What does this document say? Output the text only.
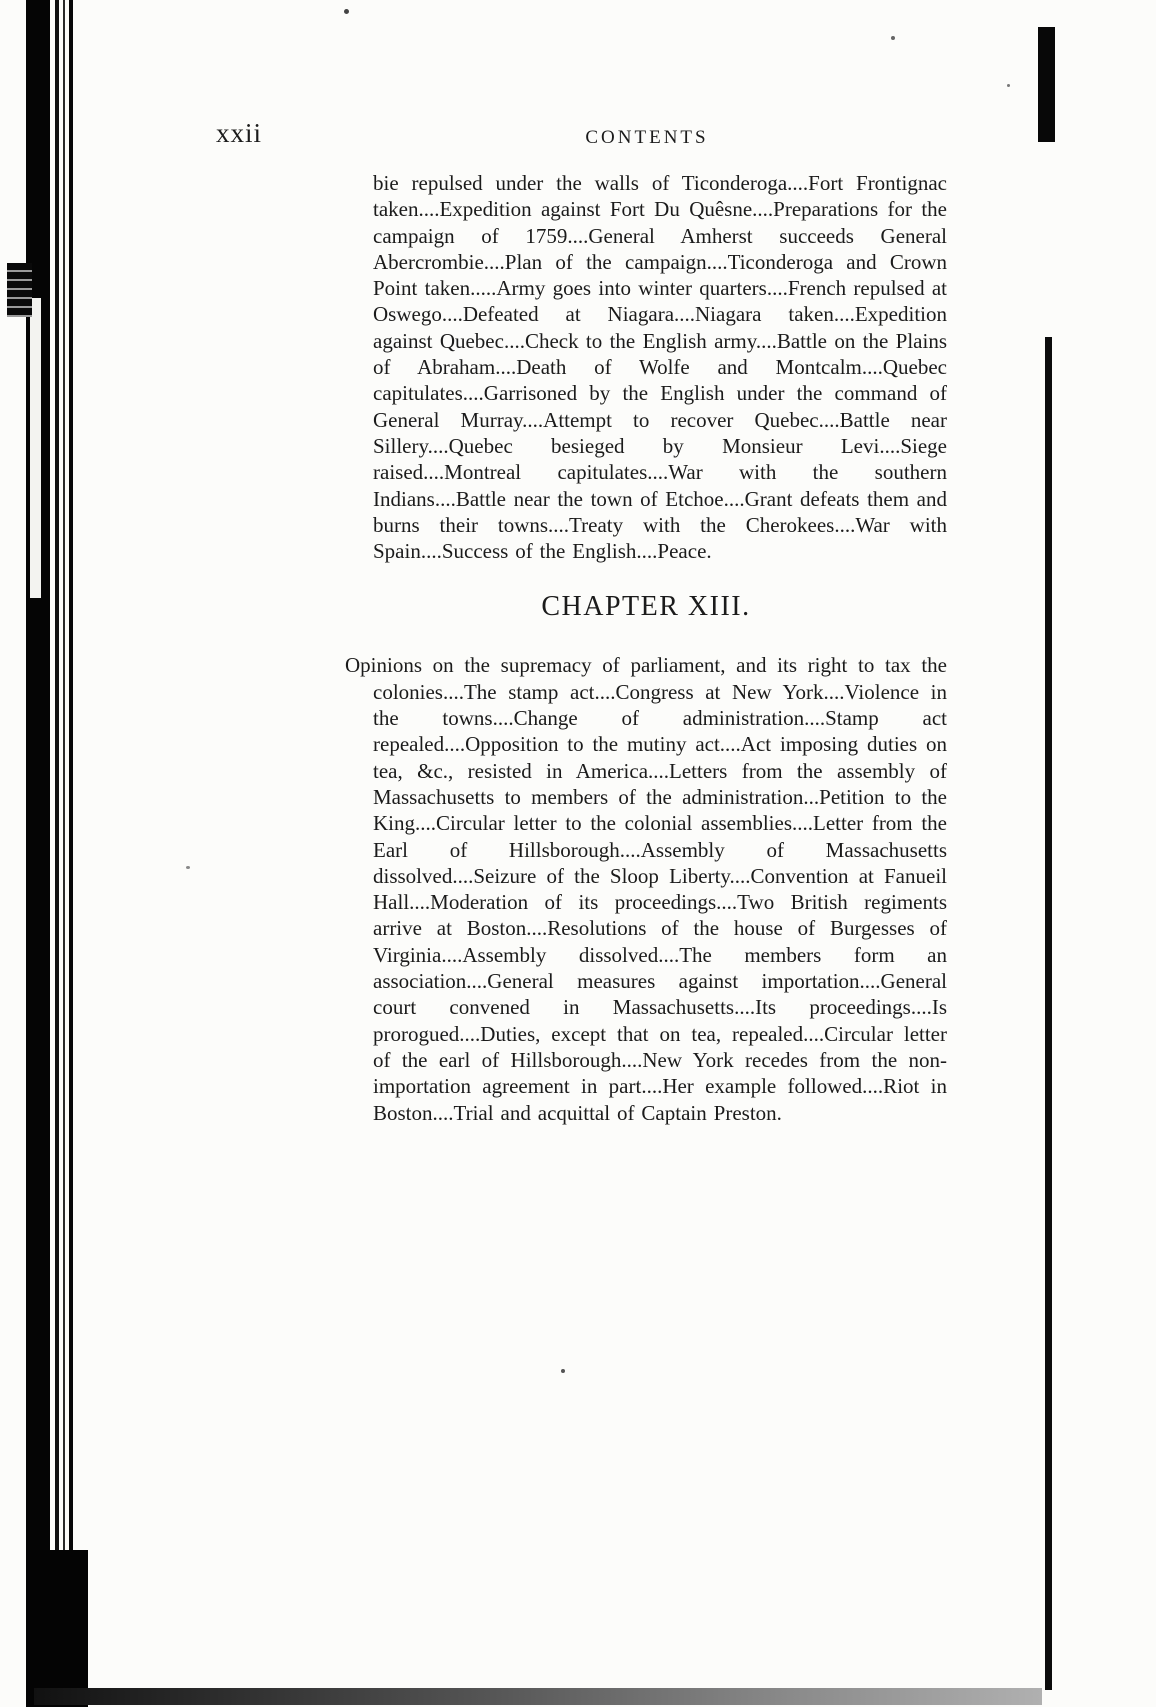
xxii	CONTENTS

bie repulsed under the walls of Ticonderoga....Fort Frontignac taken....Expedition against Fort Du Quêsne....Preparations for the campaign of 1759....General Amherst succeeds General Abercrombie....Plan of the campaign....Ticonderoga and Crown Point taken.....Army goes into winter quarters....French repulsed at Oswego....Defeated at Niagara....Niagara taken....Expedition against Quebec....Check to the English army....Battle on the Plains of Abraham....Death of Wolfe and Montcalm....Quebec capitulates....Garrisoned by the English under the command of General Murray....Attempt to recover Quebec....Battle near Sillery....Quebec besieged by Monsieur Levi....Siege raised....Montreal capitulates....War with the southern Indians....Battle near the town of Etchoe....Grant defeats them and burns their towns....Treaty with the Cherokees....War with Spain....Success of the English....Peace.

CHAPTER XIII.

Opinions on the supremacy of parliament, and its right to tax the colonies....The stamp act....Congress at New York....Violence in the towns....Change of administration....Stamp act repealed....Opposition to the mutiny act....Act imposing duties on tea, &c., resisted in America....Letters from the assembly of Massachusetts to members of the administration...Petition to the King....Circular letter to the colonial assemblies....Letter from the Earl of Hillsborough....Assembly of Massachusetts dissolved....Seizure of the Sloop Liberty....Convention at Fanueil Hall....Moderation of its proceedings....Two British regiments arrive at Boston....Resolutions of the house of Burgesses of Virginia....Assembly dissolved....The members form an association....General measures against importation....General court convened in Massachusetts....Its proceedings....Is prorogued....Duties, except that on tea, repealed....Circular letter of the earl of Hillsborough....New York recedes from the non-importation agreement in part....Her example followed....Riot in Boston....Trial and acquittal of Captain Preston.
